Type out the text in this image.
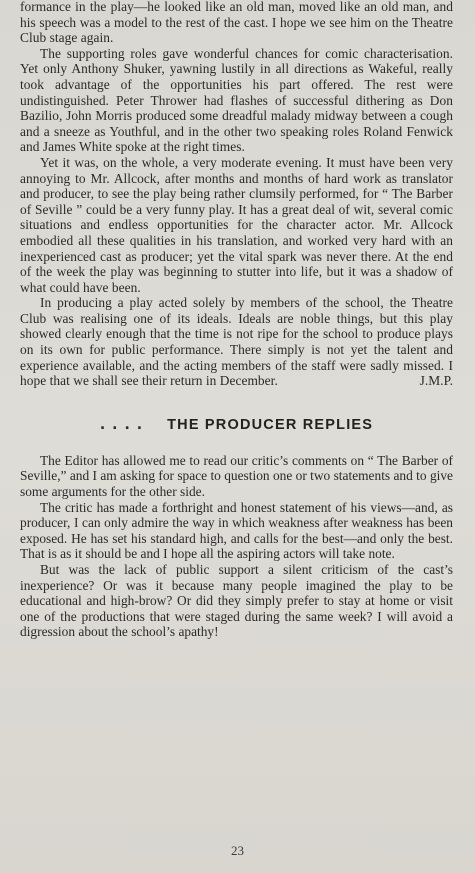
formance in the play—he looked like an old man, moved like an old man, and his speech was a model to the rest of the cast. I hope we see him on the Theatre Club stage again.

The supporting roles gave wonderful chances for comic characterisation. Yet only Anthony Shuker, yawning lustily in all directions as Wakeful, really took advantage of the opportunities his part offered. The rest were undistinguished. Peter Thrower had flashes of successful dithering as Don Bazilio, John Morris produced some dreadful malady midway between a cough and a sneeze as Youthful, and in the other two speaking roles Roland Fenwick and James White spoke at the right times.

Yet it was, on the whole, a very moderate evening. It must have been very annoying to Mr. Allcock, after months and months of hard work as translator and producer, to see the play being rather clumsily performed, for “ The Barber of Seville ” could be a very funny play. It has a great deal of wit, several comic situations and endless opportunities for the character actor. Mr. Allcock embodied all these qualities in his translation, and worked very hard with an inexperienced cast as producer; yet the vital spark was never there. At the end of the week the play was beginning to stutter into life, but it was a shadow of what could have been.

In producing a play acted solely by members of the school, the Theatre Club was realising one of its ideals. Ideals are noble things, but this play showed clearly enough that the time is not ripe for the school to produce plays on its own for public performance. There simply is not yet the talent and experience available, and the acting members of the staff were sadly missed. I hope that we shall see their return in December.	J.M.P.

.... THE PRODUCER REPLIES

The Editor has allowed me to read our critic’s comments on “ The Barber of Seville,” and I am asking for space to question one or two statements and to give some arguments for the other side.

The critic has made a forthright and honest statement of his views—and, as producer, I can only admire the way in which weakness after weakness has been exposed. He has set his standard high, and calls for the best—and only the best. That is as it should be and I hope all the aspiring actors will take note.

But was the lack of public support a silent criticism of the cast’s inexperience? Or was it because many people imagined the play to be educational and high-brow? Or did they simply prefer to stay at home or visit one of the productions that were staged during the same week? I will avoid a digression about the school’s apathy!

23
